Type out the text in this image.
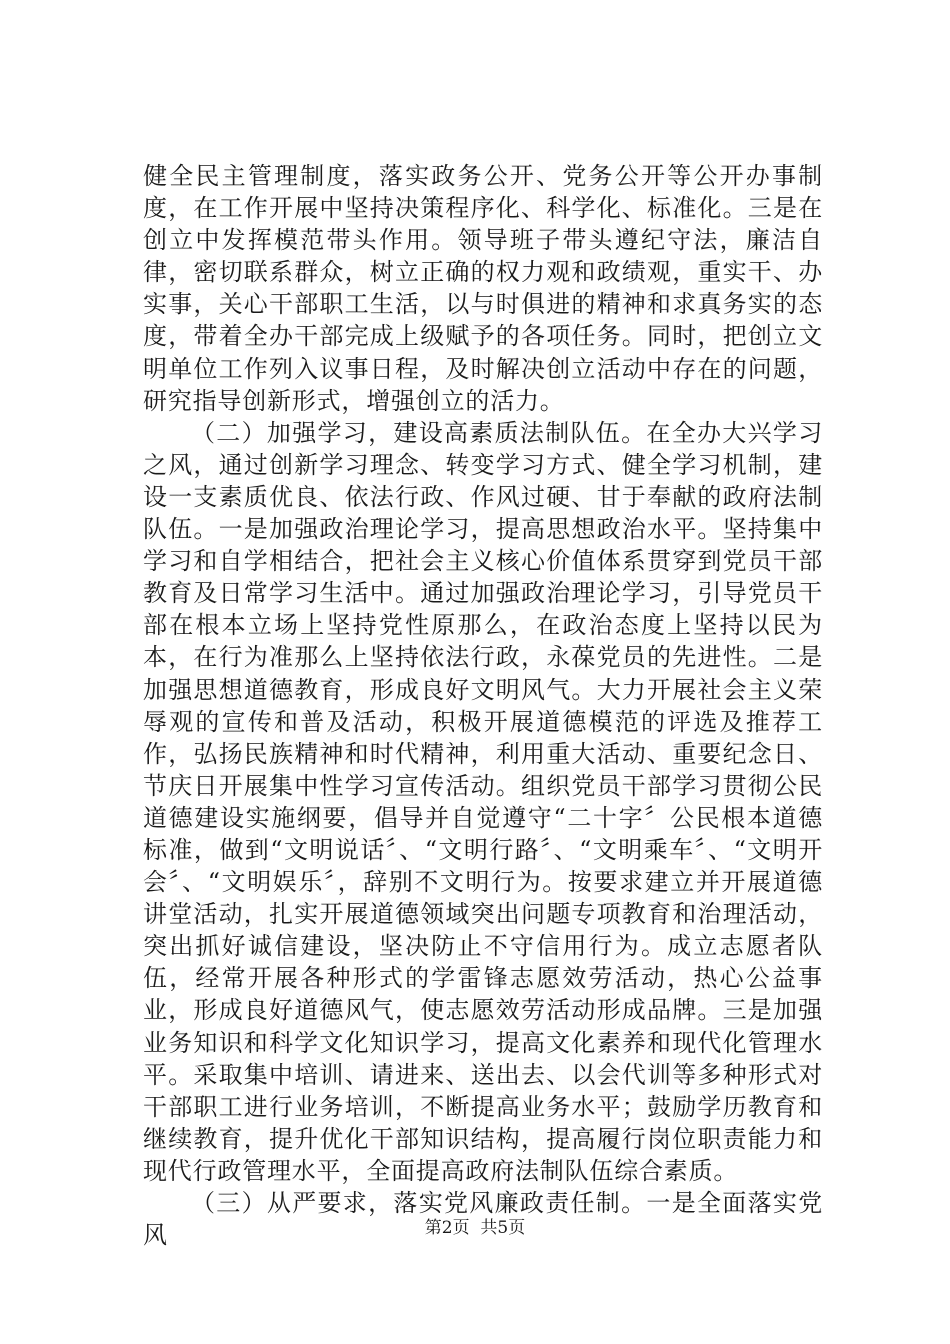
健全民主管理制度，落实政务公开、党务公开等公开办事制度，在工作开展中坚持决策程序化、科学化、标准化。三是在创立中发挥模范带头作用。领导班子带头遵纪守法，廉洁自律，密切联系群众，树立正确的权力观和政绩观，重实干、办实事，关心干部职工生活，以与时俱进的精神和求真务实的态度，带着全办干部完成上级赋予的各项任务。同时，把创立文明单位工作列入议事日程，及时解决创立活动中存在的问题，研究指导创新形式，增强创立的活力。

（二）加强学习，建设高素质法制队伍。在全办大兴学习之风，通过创新学习理念、转变学习方式、健全学习机制，建设一支素质优良、依法行政、作风过硬、甘于奉献的政府法制队伍。一是加强政治理论学习，提高思想政治水平。坚持集中学习和自学相结合，把社会主义核心价值体系贯穿到党员干部教育及日常学习生活中。通过加强政治理论学习，引导党员干部在根本立场上坚持党性原那么，在政治态度上坚持以民为本，在行为准那么上坚持依法行政，永葆党员的先进性。二是加强思想道德教育，形成良好文明风气。大力开展社会主义荣辱观的宣传和普及活动，积极开展道德模范的评选及推荐工作，弘扬民族精神和时代精神，利用重大活动、重要纪念日、节庆日开展集中性学习宣传活动。组织党员干部学习贯彻公民道德建设实施纲要，倡导并自觉遵守“二十字〞公民根本道德标准，做到“文明说话〞、“文明行路〞、“文明乘车〞、“文明开会〞、“文明娱乐〞，辞别不文明行为。按要求建立并开展道德讲堂活动，扎实开展道德领域突出问题专项教育和治理活动，突出抓好诚信建设，坚决防止不守信用行为。成立志愿者队伍，经常开展各种形式的学雷锋志愿效劳活动，热心公益事业，形成良好道德风气，使志愿效劳活动形成品牌。三是加强业务知识和科学文化知识学习，提高文化素养和现代化管理水平。采取集中培训、请进来、送出去、以会代训等多种形式对干部职工进行业务培训，不断提高业务水平；鼓励学历教育和继续教育，提升优化干部知识结构，提高履行岗位职责能力和现代行政管理水平，全面提高政府法制队伍综合素质。

（三）从严要求，落实党风廉政责任制。一是全面落实党风	第2页  共5页
